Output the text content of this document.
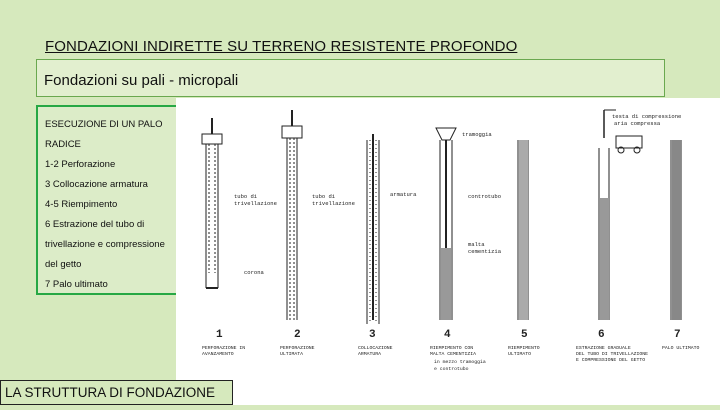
FONDAZIONI INDIRETTE SU TERRENO RESISTENTE PROFONDO
Fondazioni su pali - micropali
ESECUZIONE DI UN PALO
RADICE
1-2 Perforazione
3 Collocazione armatura
4-5 Riempimento
6 Estrazione del tubo di
trivellazione e compressione
del getto
7 Palo ultimato
tubo di
trivellazione
corona
tubo di
trivellazione
armatura
tramoggia
controtubo
malta
cementizia
testa di compressione
aria compressa
1	2	3	4	5	6	7
PERFORAZIONE IN
AVANZAMENTO
PERFORAZIONE
ULTIMATA
COLLOCAZIONE
ARMATURA
RIEMPIMENTO CON
MALTA CEMENTIZIA
in mezzo tramoggia
e controtubo
RIEMPIMENTO
ULTIMATO
ESTRAZIONE GRADUALE
DEL TUBO DI TRIVELLAZIONE
E COMPRESSIONE DEL GETTO
PALO ULTIMATO
LA STRUTTURA DI FONDAZIONE
